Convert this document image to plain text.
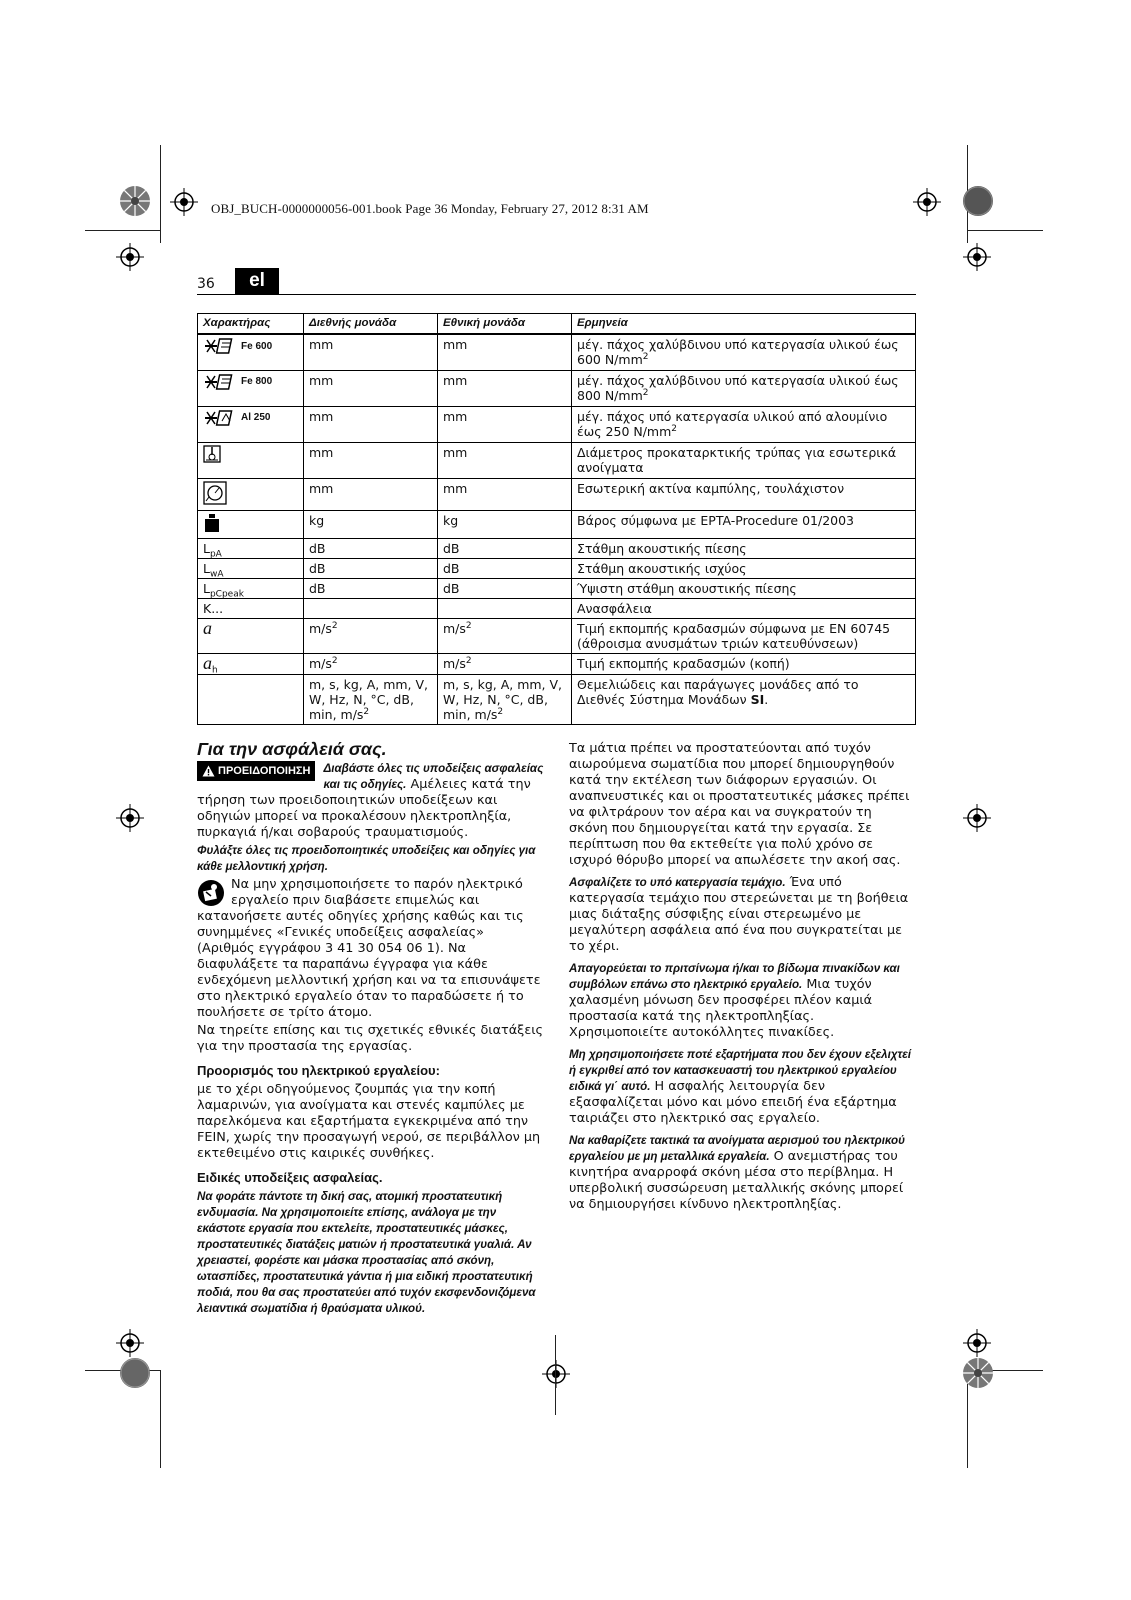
OBJ_BUCH-0000000056-001.book Page 36 Monday, February 27, 2012 8:31 AM
36	el
Χαρακτήρας	Διεθνής μονάδα	Εθνική μονάδα	Ερμηνεία

Fe 600	mm	mm	μέγ. πάχος χαλύβδινου υπό κατεργασία υλικού έως 600 $N/mm^2$

Fe 800	mm	mm	μέγ. πάχος χαλύβδινου υπό κατεργασία υλικού έως 800 $N/mm^2$

Al 250	mm	mm	μέγ. πάχος υπό κατεργασία υλικού από αλουμίνιο έως 250 $N/mm^2$

	mm	mm	Διάμετρος προκαταρκτικής τρύπας για εσωτερικά ανοίγματα

	mm	mm	Εσωτερική ακτίνα καμπύλης, τουλάχιστον

	kg	kg	Βάρος σύμφωνα με EPTA-Procedure 01/2003
$L_{pA}$	dB	dB	Στάθμη ακουστικής πίεσης
$L_{wA}$	dB	dB	Στάθμη ακουστικής ισχύος
$L_{pCpeak}$	dB	dB	Ύψιστη στάθμη ακουστικής πίεσης
K...			Ανασφάλεια
a	$m/s^2$	$m/s^2$	Τιμή εκπομπής κραδασμών σύμφωνα με EN 60745 (άθροισμα ανυσμάτων τριών κατευθύνσεων)
$a_h$	$m/s^2$	$m/s^2$	Τιμή εκπομπής κραδασμών (κοπή)
	m, s, kg, A, mm, V, W, Hz, N, °C, dB, min, $m/s^2$	m, s, kg, A, mm, V, W, Hz, N, °C, dB, min, $m/s^2$	Θεμελιώδεις και παράγωγες μονάδες από το Διεθνές Σύστημα Μονάδων SI.
Για την ασφάλειά σας.

ΠΡΟΕΙΔΟΠΟΙΗΣΗ Διαβάστε όλες τις υποδείξεις ασφαλείας και τις οδηγίες. Αμέλειες κατά την τήρηση των προειδοποιητικών υποδείξεων και οδηγιών μπορεί να προκαλέσουν ηλεκτροπληξία, πυρκαγιά ή/και σοβαρούς τραυματισμούς.

Φυλάξτε όλες τις προειδοποιητικές υποδείξεις και οδηγίες για κάθε μελλοντική χρήση.

Να μην χρησιμοποιήσετε το παρόν ηλεκτρικό εργαλείο πριν διαβάσετε επιμελώς και κατανοήσετε αυτές οδηγίες χρήσης καθώς και τις συνημμένες «Γενικές υποδείξεις ασφαλείας» (Αριθμός εγγράφου 3 41 30 054 06 1). Να διαφυλάξετε τα παραπάνω έγγραφα για κάθε ενδεχόμενη μελλοντική χρήση και να τα επισυνάψετε στο ηλεκτρικό εργαλείο όταν το παραδώσετε ή το πουλήσετε σε τρίτο άτομο.

Να τηρείτε επίσης και τις σχετικές εθνικές διατάξεις για την προστασία της εργασίας.

Προορισμός του ηλεκτρικού εργαλείου:

με το χέρι οδηγούμενος ζουμπάς για την κοπή λαμαρινών, για ανοίγματα και στενές καμπύλες με παρελκόμενα και εξαρτήματα εγκεκριμένα από την FEIN, χωρίς την προσαγωγή νερού, σε περιβάλλον μη εκτεθειμένο στις καιρικές συνθήκες.

Ειδικές υποδείξεις ασφαλείας.

Να φοράτε πάντοτε τη δική σας, ατομική προστατευτική ενδυμασία. Να χρησιμοποιείτε επίσης, ανάλογα με την εκάστοτε εργασία που εκτελείτε, προστατευτικές μάσκες, προστατευτικές διατάξεις ματιών ή προστατευτικά γυαλιά. Αν χρειαστεί, φορέστε και μάσκα προστασίας από σκόνη, ωτασπίδες, προστατευτικά γάντια ή μια ειδική προστατευτική ποδιά, που θα σας προστατεύει από τυχόν εκσφενδονιζόμενα λειαντικά σωματίδια ή θραύσματα υλικού.

Τα μάτια πρέπει να προστατεύονται από τυχόν αιωρούμενα σωματίδια που μπορεί δημιουργηθούν κατά την εκτέλεση των διάφορων εργασιών. Οι αναπνευστικές και οι προστατευτικές μάσκες πρέπει να φιλτράρουν τον αέρα και να συγκρατούν τη σκόνη που δημιουργείται κατά την εργασία. Σε περίπτωση που θα εκτεθείτε για πολύ χρόνο σε ισχυρό θόρυβο μπορεί να απωλέσετε την ακοή σας.

Ασφαλίζετε το υπό κατεργασία τεμάχιο. Ένα υπό κατεργασία τεμάχιο που στερεώνεται με τη βοήθεια μιας διάταξης σύσφιξης είναι στερεωμένο με μεγαλύτερη ασφάλεια από ένα που συγκρατείται με το χέρι.

Απαγορεύεται το πριτσίνωμα ή/και το βίδωμα πινακίδων και συμβόλων επάνω στο ηλεκτρικό εργαλείο. Μια τυχόν χαλασμένη μόνωση δεν προσφέρει πλέον καμιά προστασία κατά της ηλεκτροπληξίας. Χρησιμοποιείτε αυτοκόλλητες πινακίδες.

Μη χρησιμοποιήσετε ποτέ εξαρτήματα που δεν έχουν εξελιχτεί ή εγκριθεί από τον κατασκευαστή του ηλεκτρικού εργαλείου ειδικά γι΄ αυτό. Η ασφαλής λειτουργία δεν εξασφαλίζεται μόνο και μόνο επειδή ένα εξάρτημα ταιριάζει στο ηλεκτρικό σας εργαλείο.

Να καθαρίζετε τακτικά τα ανοίγματα αερισμού του ηλεκτρικού εργαλείου με μη μεταλλικά εργαλεία. Ο ανεμιστήρας του κινητήρα αναρροφά σκόνη μέσα στο περίβλημα. Η υπερβολική συσσώρευση μεταλλικής σκόνης μπορεί να δημιουργήσει κίνδυνο ηλεκτροπληξίας.
